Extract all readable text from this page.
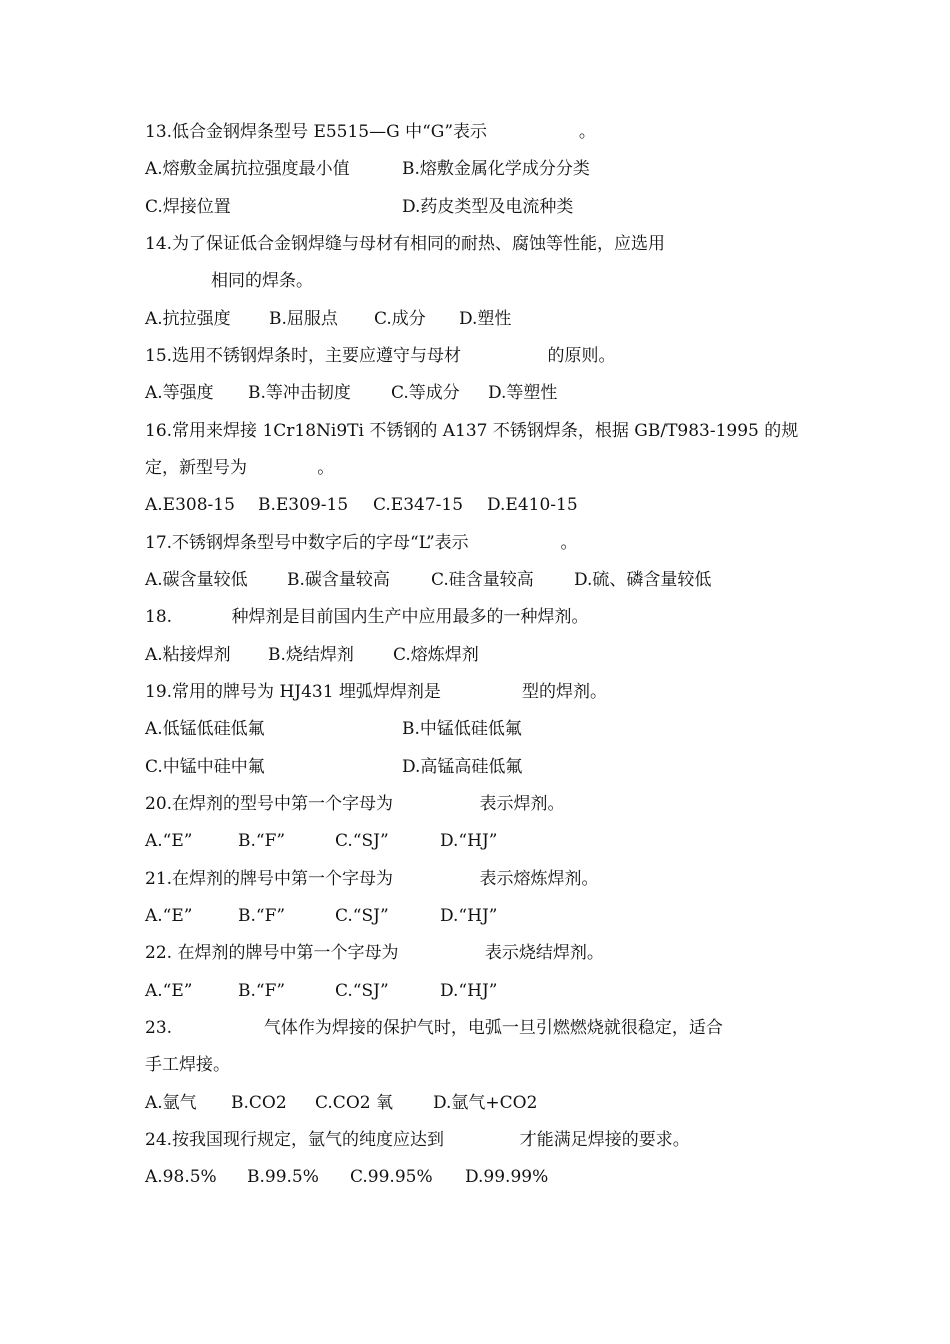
13.低合金钢焊条型号 E5515—G 中“G”表示                 。

A.熔敷金属抗拉强度最小值

	B.熔敷金属化学成分分类

C.焊接位置

	D.药皮类型及电流种类

14.为了保证低合金钢焊缝与母材有相同的耐热、腐蚀等性能，应选用
相同的焊条。

A.抗拉强度

B.屈服点

C.成分

D.塑性

15.选用不锈钢焊条时，主要应遵守与母材                的原则。

A.等强度

B.等冲击韧度

C.等成分

D.等塑性

16.常用来焊接 1Cr18Ni9Ti 不锈钢的 A137 不锈钢焊条，根据 GB/T983-1995 的规
定，新型号为             。

A.E308-15

B.E309-15

C.E347-15

D.E410-15

17.不锈钢焊条型号中数字后的字母“L”表示                 。

A.碳含量较低

B.碳含量较高

C.硅含量较高

D.硫、磷含量较低

18.           种焊剂是目前国内生产中应用最多的一种焊剂。

A.粘接焊剂

B.烧结焊剂

C.熔炼焊剂

19.常用的牌号为 HJ431 埋弧焊焊剂是               型的焊剂。

A.低锰低硅低氟

	B.中锰低硅低氟

C.中锰中硅中氟

	D.高锰高硅低氟

20.在焊剂的型号中第一个字母为                表示焊剂。

A.“E”

	B.“F”

	C.“SJ”

	D.“HJ”

21.在焊剂的牌号中第一个字母为                表示熔炼焊剂。

A.“E”

	B.“F”

	C.“SJ”

	D.“HJ”

22. 在焊剂的牌号中第一个字母为                表示烧结焊剂。

A.“E”

	B.“F”

	C.“SJ”

	D.“HJ”

23.                 气体作为焊接的保护气时，电弧一旦引燃燃烧就很稳定，适合
手工焊接。

A.氩气

B.CO2

C.CO2 氧

D.氩气+CO2

24.按我国现行规定，氩气的纯度应达到              才能满足焊接的要求。

A.98.5%

B.99.5%

C.99.95%

D.99.99%
